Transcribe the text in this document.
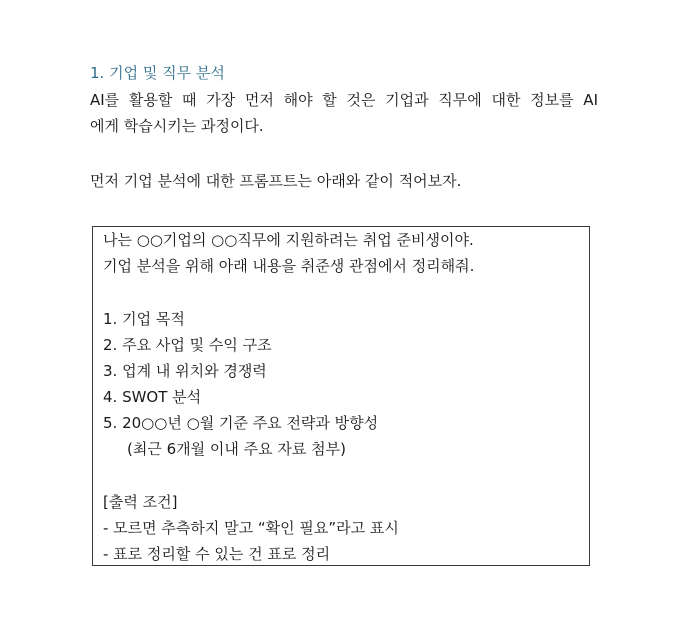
1. 기업 및 직무 분석
AI를 활용할 때 가장 먼저 해야 할 것은 기업과 직무에 대한 정보를 AI
에게 학습시키는 과정이다.
먼저 기업 분석에 대한 프롬프트는 아래와 같이 적어보자.
나는 ○○기업의 ○○직무에 지원하려는 취업 준비생이야.
기업 분석을 위해 아래 내용을 취준생 관점에서 정리해줘.
1. 기업 목적
2. 주요 사업 및 수익 구조
3. 업계 내 위치와 경쟁력
4. SWOT 분석
5. 20○○년 ○월 기준 주요 전략과 방향성
(최근 6개월 이내 주요 자료 첨부)
[출력 조건]
- 모르면 추측하지 말고 “확인 필요”라고 표시
- 표로 정리할 수 있는 건 표로 정리
